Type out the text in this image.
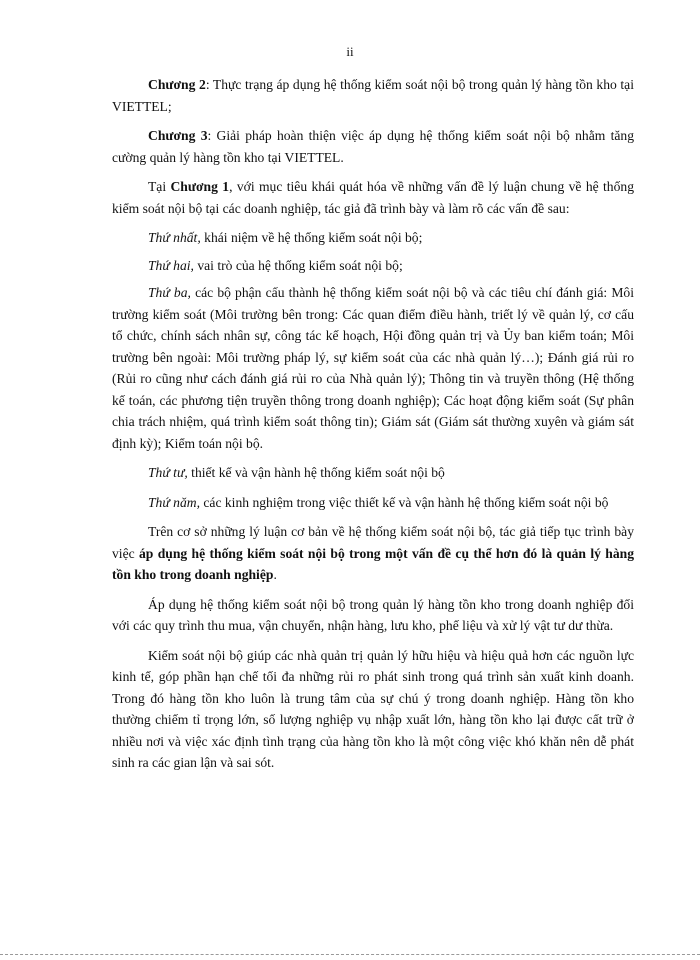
ii

Chương 2: Thực trạng áp dụng hệ thống kiểm soát nội bộ trong quản lý hàng tồn kho tại VIETTEL;

Chương 3: Giải pháp hoàn thiện việc áp dụng hệ thống kiểm soát nội bộ nhằm tăng cường quản lý hàng tồn kho tại VIETTEL.

Tại Chương 1, với mục tiêu khái quát hóa về những vấn đề lý luận chung về hệ thống kiểm soát nội bộ tại các doanh nghiệp, tác giả đã trình bày và làm rõ các vấn đề sau:

Thứ nhất, khái niệm về hệ thống kiểm soát nội bộ;

Thứ hai, vai trò của hệ thống kiểm soát nội bộ;

Thứ ba, các bộ phận cấu thành hệ thống kiểm soát nội bộ và các tiêu chí đánh giá: Môi trường kiểm soát (Môi trường bên trong: Các quan điểm điều hành, triết lý về quản lý, cơ cấu tổ chức, chính sách nhân sự, công tác kế hoạch, Hội đồng quản trị và Ủy ban kiểm toán; Môi trường bên ngoài: Môi trường pháp lý, sự kiểm soát của các nhà quản lý…); Đánh giá rủi ro (Rủi ro cũng như cách đánh giá rủi ro của Nhà quản lý); Thông tin và truyền thông (Hệ thống kế toán, các phương tiện truyền thông trong doanh nghiệp); Các hoạt động kiểm soát (Sự phân chia trách nhiệm, quá trình kiểm soát thông tin); Giám sát (Giám sát thường xuyên và giám sát định kỳ); Kiểm toán nội bộ.

Thứ tư, thiết kế và vận hành hệ thống kiểm soát nội bộ

Thứ năm, các kinh nghiệm trong việc thiết kế và vận hành hệ thống kiểm soát nội bộ

Trên cơ sở những lý luận cơ bản về hệ thống kiểm soát nội bộ, tác giả tiếp tục trình bày việc áp dụng hệ thống kiểm soát nội bộ trong một vấn đề cụ thể hơn đó là quản lý hàng tồn kho trong doanh nghiệp.

Áp dụng hệ thống kiểm soát nội bộ trong quản lý hàng tồn kho trong doanh nghiệp đối với các quy trình thu mua, vận chuyển, nhận hàng, lưu kho, phế liệu và xử lý vật tư dư thừa.

Kiểm soát nội bộ giúp các nhà quản trị quản lý hữu hiệu và hiệu quả hơn các nguồn lực kinh tế, góp phần hạn chế tối đa những rủi ro phát sinh trong quá trình sản xuất kinh doanh. Trong đó hàng tồn kho luôn là trung tâm của sự chú ý trong doanh nghiệp. Hàng tồn kho thường chiếm tỉ trọng lớn, số lượng nghiệp vụ nhập xuất lớn, hàng tồn kho lại được cất trữ ở nhiều nơi và việc xác định tình trạng của hàng tồn kho là một công việc khó khăn nên dễ phát sinh ra các gian lận và sai sót.
